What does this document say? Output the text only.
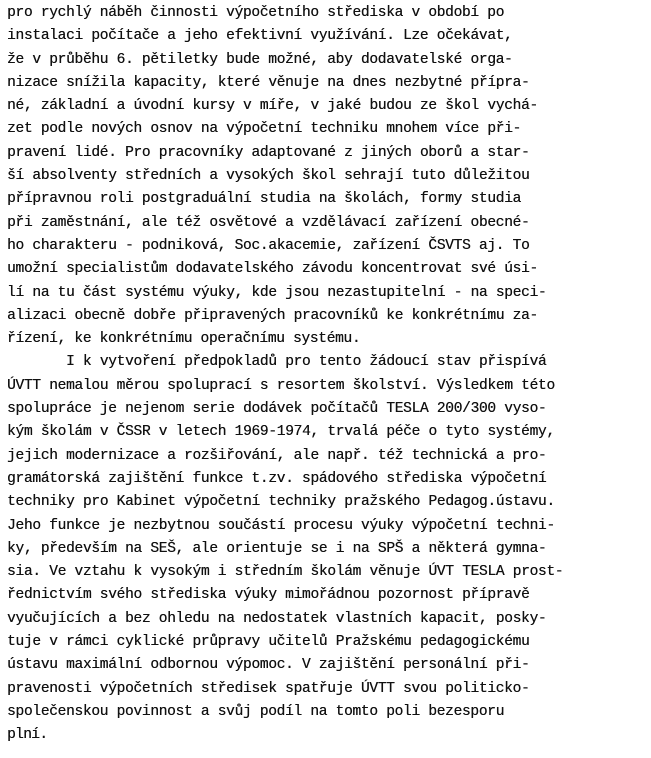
pro rychlý náběh činnosti výpočetního střediska v období po
instalaci počítače a jeho efektivní využívání. Lze očekávat,
že v průběhu 6. pětiletky bude možné, aby dodavatelské orga-
nizace snížila kapacity, které věnuje na dnes nezbytné přípra-
né, základní a úvodní kursy v míře, v jaké budou ze škol vychá-
zet podle nových osnov na výpočetní techniku mnohem více při-
pravení lidé. Pro pracovníky adaptované z jiných oborů a star-
ší absolventy středních a vysokých škol sehrají tuto důležitou
přípravnou roli postgraduální studia na školách, formy studia
při zaměstnání, ale též osvětové a vzdělávací zařízení obecné-
ho charakteru - podniková, Soc.akacemie, zařízení ČSVTS aj. To
umožní specialistům dodavatelského závodu koncentrovat své úsi-
lí na tu část systému výuky, kde jsou nezastupitelní - na speci-
alizaci obecně dobře připravených pracovníků ke konkrétnímu za-
řízení, ke konkrétnímu operačnímu systému.
I k vytvoření předpokladů pro tento žádoucí stav přispívá
ÚVTT nemalou měrou spoluprací s resortem školství. Výsledkem této
spolupráce je nejenom serie dodávek počítačů TESLA 200/300 vyso-
kým školám v ČSSR v letech 1969-1974, trvalá péče o tyto systémy,
jejich modernizace a rozšiřování, ale např. též technická a pro-
gramátorská zajištění funkce t.zv. spádového střediska výpočetní
techniky pro Kabinet výpočetní techniky pražského Pedagog.ústavu.
Jeho funkce je nezbytnou součástí procesu výuky výpočetní techni-
ky, především na SEŠ, ale orientuje se i na SPŠ a některá gymna-
sia. Ve vztahu k vysokým i středním školám věnuje ÚVT TESLA prost-
řednictvím svého střediska výuky mimořádnou pozornost přípravě
vyučujících a bez ohledu na nedostatek vlastních kapacit, posky-
tuje v rámci cyklické průpravy učitelů Pražskému pedagogickému
ústavu maximální odbornou výpomoc. V zajištění personální při-
pravenosti výpočetních středisek spatřuje ÚVTT svou politicko-
společenskou povinnost a svůj podíl na tomto poli bezesporu
plní.
